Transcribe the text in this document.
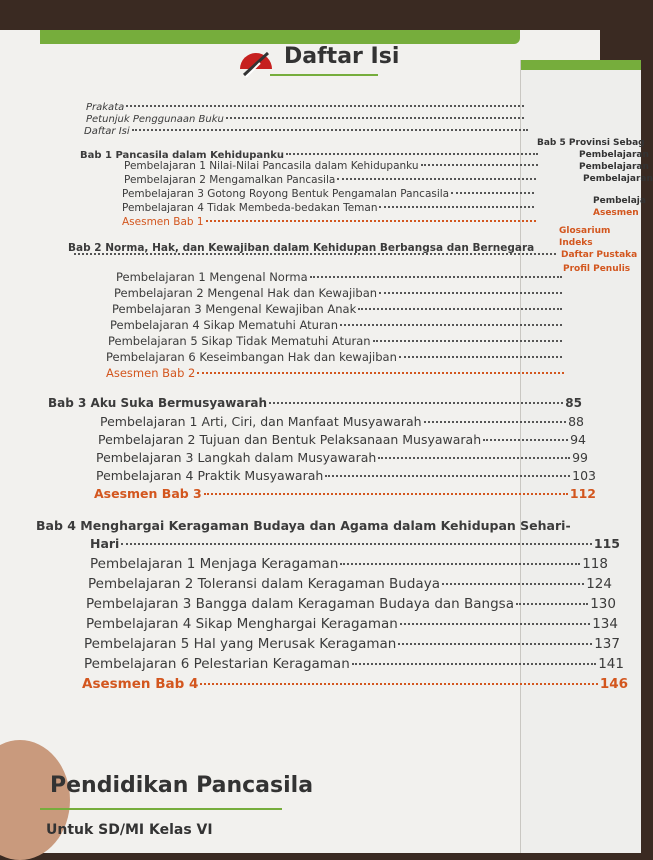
Bab 5 Provinsi Sebag
Pembelajaran
Pembelajaran
Pembelajaran
Pembelaja
Asesmen
Glosarium
Indeks
Daftar Pustaka
Profil Penulis
Daftar Isi
Prakata
Petunjuk Penggunaan Buku
Daftar Isi
Bab 1 Pancasila dalam Kehidupanku
Pembelajaran 1 Nilai-Nilai Pancasila dalam Kehidupanku
Pembelajaran 2 Mengamalkan Pancasila
Pembelajaran 3 Gotong Royong Bentuk Pengamalan Pancasila
Pembelajaran 4 Tidak Membeda-bedakan Teman
Asesmen Bab 1
Bab 2 Norma, Hak, dan Kewajiban dalam Kehidupan Berbangsa dan Bernegara
Pembelajaran 1 Mengenal Norma
Pembelajaran 2 Mengenal Hak dan Kewajiban
Pembelajaran 3 Mengenal Kewajiban Anak
Pembelajaran 4 Sikap Mematuhi Aturan
Pembelajaran 5 Sikap Tidak Mematuhi Aturan
Pembelajaran 6 Keseimbangan Hak dan kewajiban
Asesmen Bab 2
Bab 3 Aku Suka Bermusyawarah	85
Pembelajaran 1 Arti, Ciri, dan Manfaat Musyawarah	88
Pembelajaran 2 Tujuan dan Bentuk Pelaksanaan Musyawarah	94
Pembelajaran 3 Langkah dalam Musyawarah	99
Pembelajaran 4 Praktik Musyawarah	103
Asesmen Bab 3	112
Bab 4 Menghargai Keragaman Budaya dan Agama dalam Kehidupan Sehari-
Hari	115
Pembelajaran 1 Menjaga Keragaman	118
Pembelajaran 2 Toleransi dalam Keragaman Budaya	124
Pembelajaran 3 Bangga dalam Keragaman Budaya dan Bangsa	130
Pembelajaran 4 Sikap Menghargai Keragaman	134
Pembelajaran 5 Hal yang Merusak Keragaman	137
Pembelajaran 6 Pelestarian Keragaman	141
Asesmen Bab 4	146
Pendidikan Pancasila
Untuk SD/MI Kelas VI
